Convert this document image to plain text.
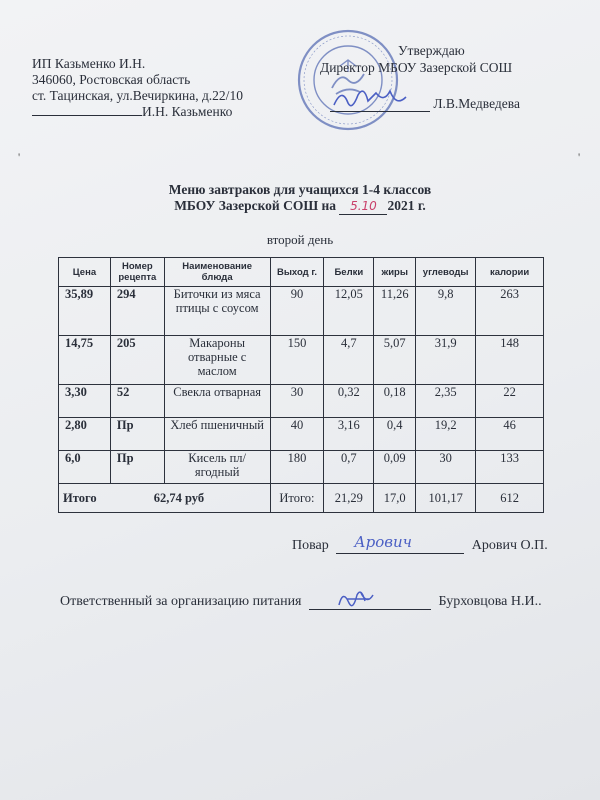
ИП Казьменко И.Н.
346060, Ростовская область
ст. Тацинская, ул.Вечиркина, д.22/10
И.Н. Казьменко
Утверждаю
Директор МБОУ Зазерской СОШ
Л.В.Медведева
'	'
Меню завтраков для учащихся 1-4 классов
МБОУ Зазерской СОШ на 5.10 2021 г.
второй день
Цена	Номер рецепта	Наименование блюда	Выход г.	Белки	жиры	углеводы	калории
35,89	294	Биточки из мяса птицы с соусом	90	12,05	11,26	9,8	263
14,75	205	Макароны отварные с маслом	150	4,7	5,07	31,9	148
3,30	52	Свекла отварная	30	0,32	0,18	2,35	22
2,80	Пр	Хлеб пшеничный	40	3,16	0,4	19,2	46
6,0	Пр	Кисель пл/ягодный	180	0,7	0,09	30	133
Итого 62,74 руб			Итого:	21,29	17,0	101,17	612
Повар Арович	Арович О.П.
Ответственный за организацию питания	Бурховцова Н.И..
